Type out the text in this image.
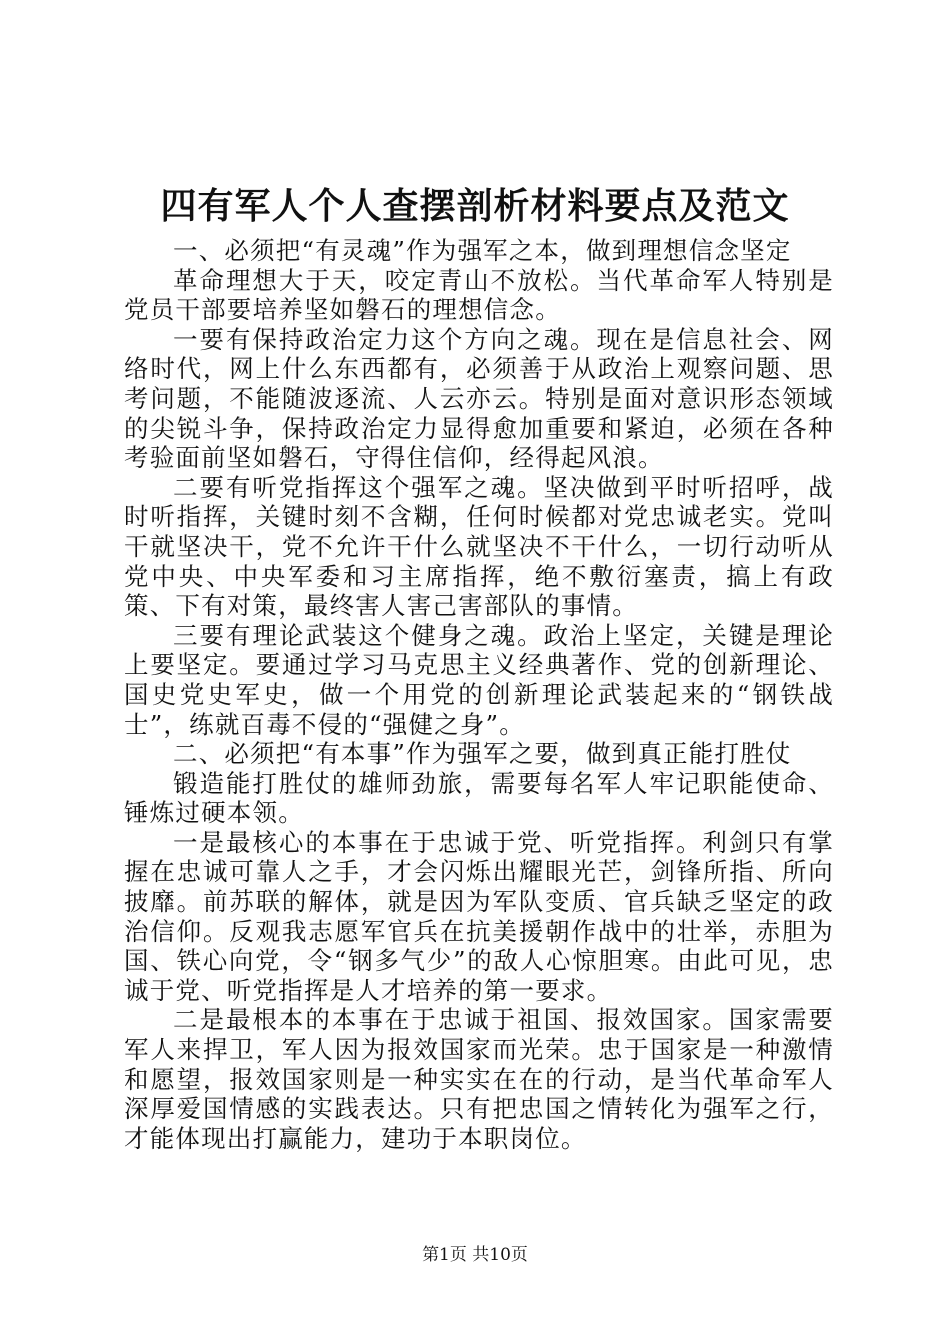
四有军人个人查摆剖析材料要点及范文

一、必须把“有灵魂”作为强军之本，做到理想信念坚定

革命理想大于天，咬定青山不放松。当代革命军人特别是党员干部要培养坚如磐石的理想信念。

一要有保持政治定力这个方向之魂。现在是信息社会、网络时代，网上什么东西都有，必须善于从政治上观察问题、思考问题，不能随波逐流、人云亦云。特别是面对意识形态领域的尖锐斗争，保持政治定力显得愈加重要和紧迫，必须在各种考验面前坚如磐石，守得住信仰，经得起风浪。

二要有听党指挥这个强军之魂。坚决做到平时听招呼，战时听指挥，关键时刻不含糊，任何时候都对党忠诚老实。党叫干就坚决干，党不允许干什么就坚决不干什么，一切行动听从党中央、中央军委和习主席指挥，绝不敷衍塞责，搞上有政策、下有对策，最终害人害己害部队的事情。

三要有理论武装这个健身之魂。政治上坚定，关键是理论上要坚定。要通过学习马克思主义经典著作、党的创新理论、国史党史军史，做一个用党的创新理论武装起来的“钢铁战士”，练就百毒不侵的“强健之身”。

二、必须把“有本事”作为强军之要，做到真正能打胜仗

锻造能打胜仗的雄师劲旅，需要每名军人牢记职能使命、锤炼过硬本领。

一是最核心的本事在于忠诚于党、听党指挥。利剑只有掌握在忠诚可靠人之手，才会闪烁出耀眼光芒，剑锋所指、所向披靡。前苏联的解体，就是因为军队变质、官兵缺乏坚定的政治信仰。反观我志愿军官兵在抗美援朝作战中的壮举，赤胆为国、铁心向党，令“钢多气少”的敌人心惊胆寒。由此可见，忠诚于党、听党指挥是人才培养的第一要求。

二是最根本的本事在于忠诚于祖国、报效国家。国家需要军人来捍卫，军人因为报效国家而光荣。忠于国家是一种激情和愿望，报效国家则是一种实实在在的行动，是当代革命军人深厚爱国情感的实践表达。只有把忠国之情转化为强军之行，才能体现出打赢能力，建功于本职岗位。

第1页 共10页
